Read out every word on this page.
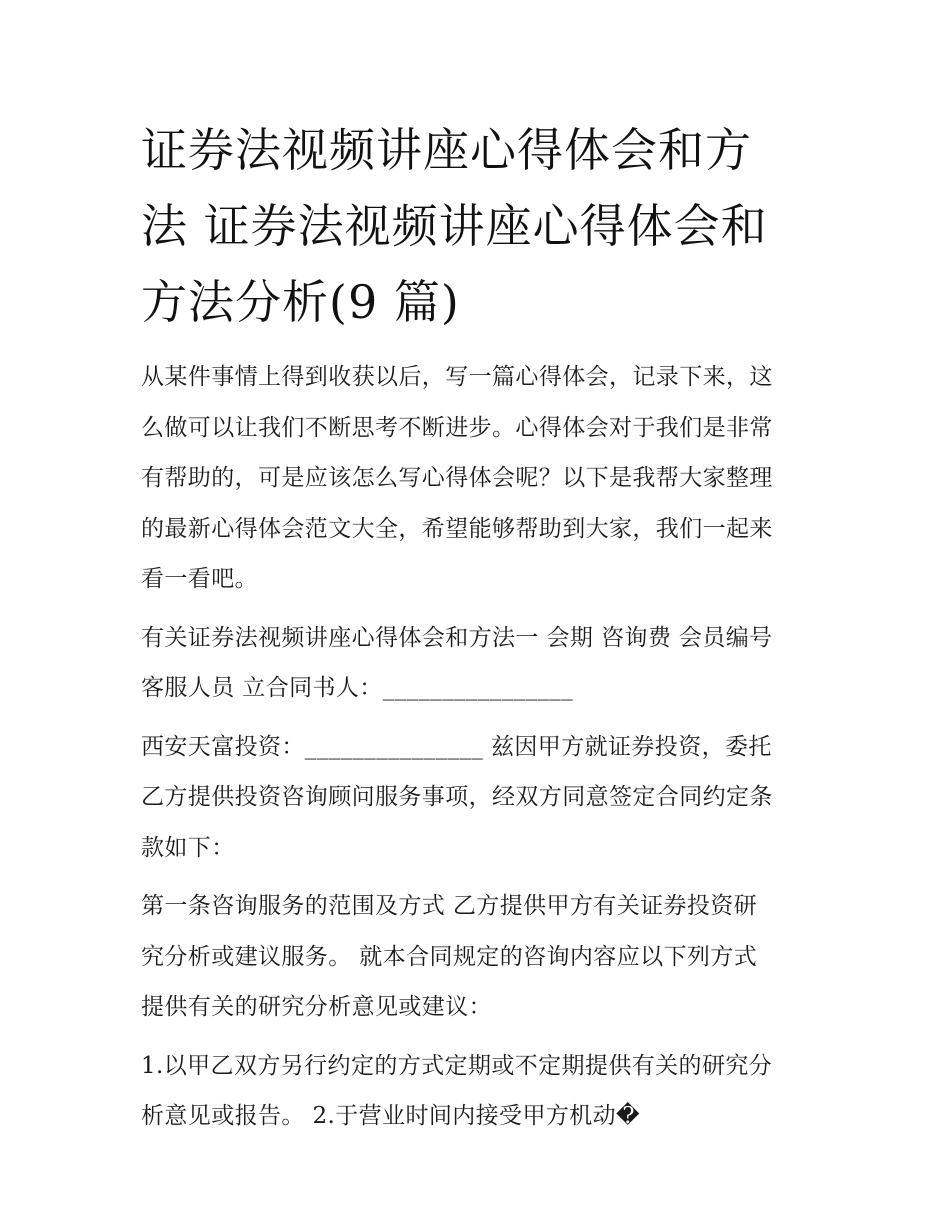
证券法视频讲座心得体会和方
法 证券法视频讲座心得体会和
方法分析(9 篇)

从某件事情上得到收获以后，写一篇心得体会，记录下来，这
么做可以让我们不断思考不断进步。心得体会对于我们是非常
有帮助的，可是应该怎么写心得体会呢？以下是我帮大家整理
的最新心得体会范文大全，希望能够帮助到大家，我们一起来
看一看吧。

有关证券法视频讲座心得体会和方法一 会期 咨询费 会员编号
客服人员 立合同书人：________________

西安天富投资：_______________ 兹因甲方就证券投资，委托
乙方提供投资咨询顾问服务事项，经双方同意签定合同约定条
款如下：

第一条咨询服务的范围及方式 乙方提供甲方有关证券投资研
究分析或建议服务。 就本合同规定的咨询内容应以下列方式
提供有关的研究分析意见或建议：

1.以甲乙双方另行约定的方式定期或不定期提供有关的研究分
析意见或报告。 2.于营业时间内接受甲方机动�
